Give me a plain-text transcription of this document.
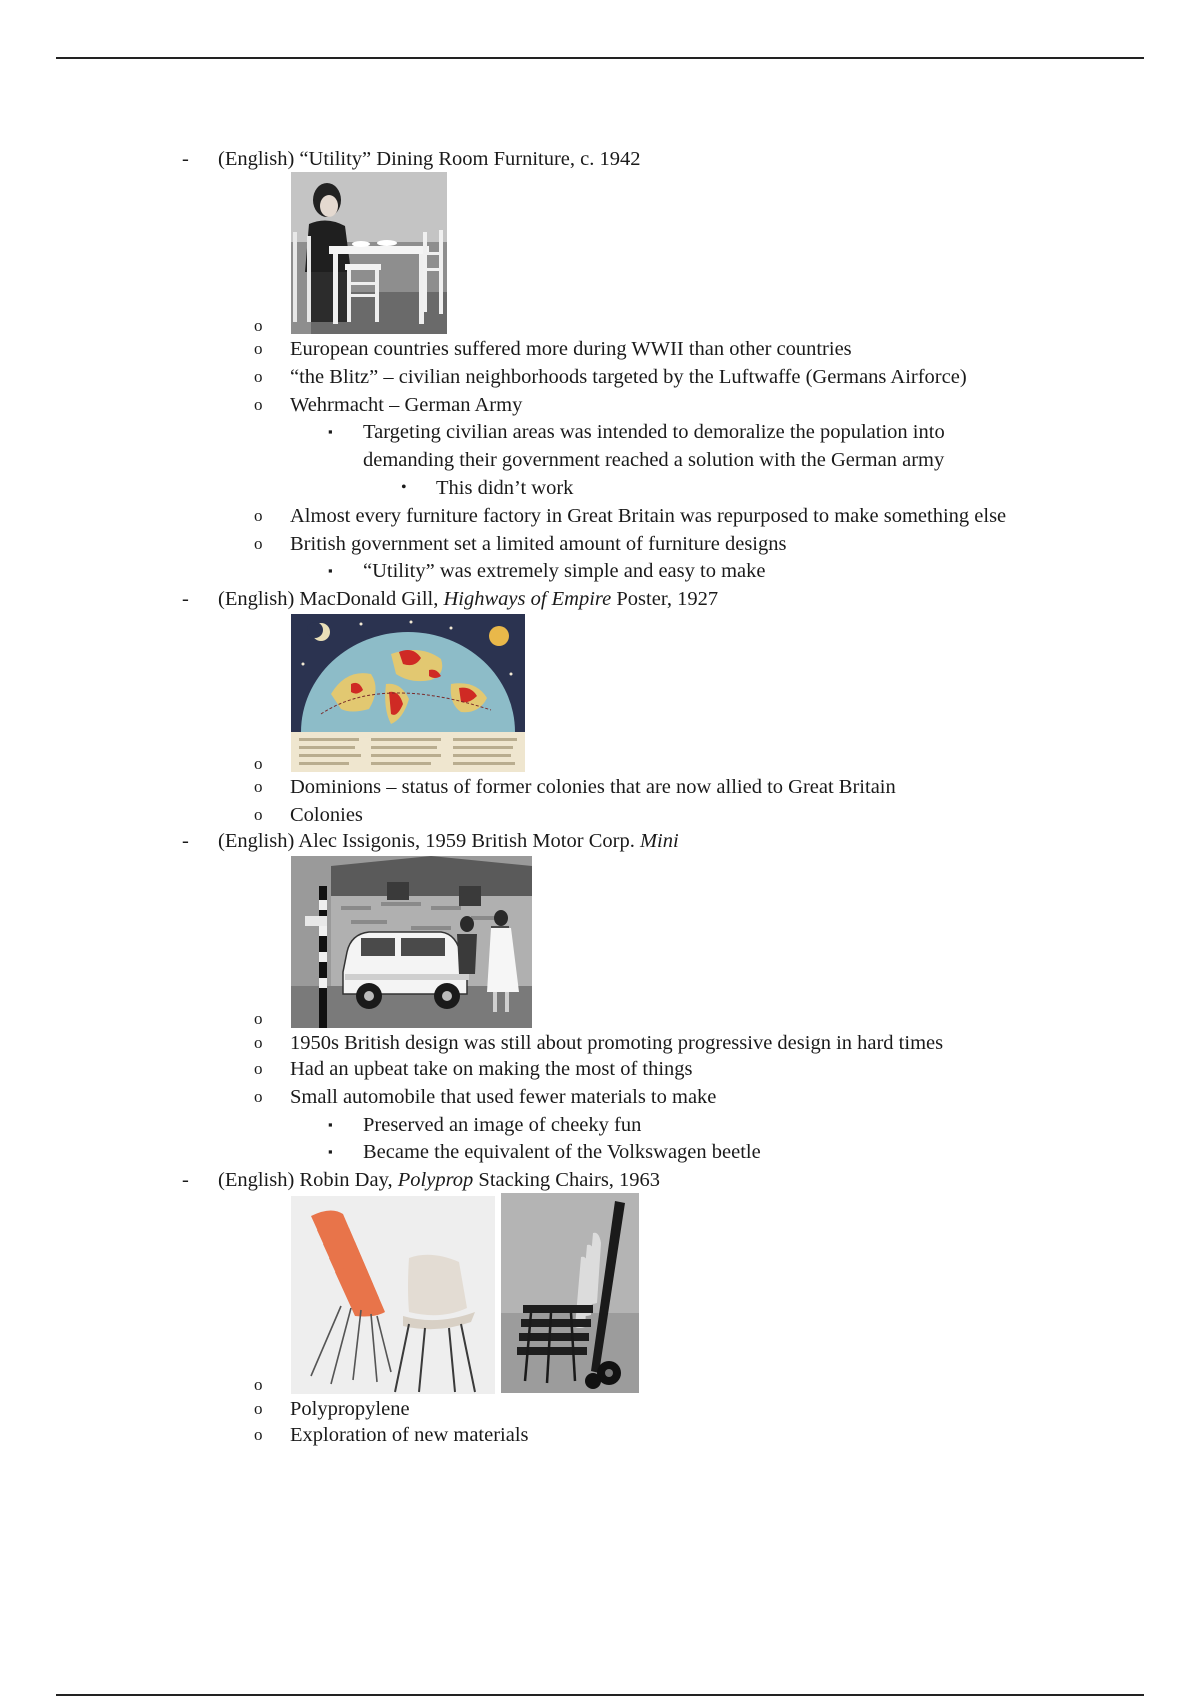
- (English) “Utility” Dining Room Furniture, c. 1942
o
o European countries suffered more during WWII than other countries
o “the Blitz” – civilian neighborhoods targeted by the Luftwaffe (Germans Airforce)
o Wehrmacht – German Army
▪ Targeting civilian areas was intended to demoralize the population into
demanding their government reached a solution with the German army
• This didn’t work
o Almost every furniture factory in Great Britain was repurposed to make something else
o British government set a limited amount of furniture designs
▪ “Utility” was extremely simple and easy to make
- (English) MacDonald Gill, Highways of Empire Poster, 1927
o
o Dominions – status of former colonies that are now allied to Great Britain
o Colonies
- (English) Alec Issigonis, 1959 British Motor Corp. Mini
o
o 1950s British design was still about promoting progressive design in hard times
o Had an upbeat take on making the most of things
o Small automobile that used fewer materials to make
▪ Preserved an image of cheeky fun
▪ Became the equivalent of the Volkswagen beetle
- (English) Robin Day, Polyprop Stacking Chairs, 1963
o
o Polypropylene
o Exploration of new materials
